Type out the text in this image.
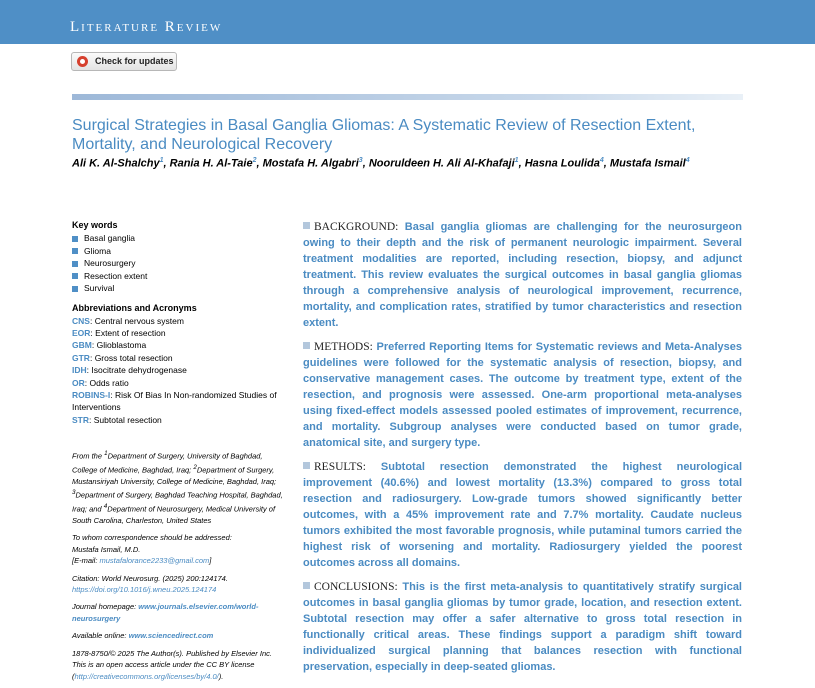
Literature Review
Check for updates
Surgical Strategies in Basal Ganglia Gliomas: A Systematic Review of Resection Extent, Mortality, and Neurological Recovery
Ali K. Al-Shalchy$^1$, Rania H. Al-Taie$^2$, Mostafa H. Algabri$^3$, Nooruldeen H. Ali Al-Khafaji$^1$, Hasna Loulida$^4$, Mustafa Ismail$^4$
Key words
Basal ganglia
Glioma
Neurosurgery
Resection extent
Survival
Abbreviations and Acronyms
CNS: Central nervous system
EOR: Extent of resection
GBM: Glioblastoma
GTR: Gross total resection
IDH: Isocitrate dehydrogenase
OR: Odds ratio
ROBINS-I: Risk Of Bias In Non-randomized Studies of Interventions
STR: Subtotal resection

From the $^1$Department of Surgery, University of Baghdad, College of Medicine, Baghdad, Iraq; $^2$Department of Surgery, Mustansiriyah University, College of Medicine, Baghdad, Iraq; $^3$Department of Surgery, Baghdad Teaching Hospital, Baghdad, Iraq; and $^4$Department of Neurosurgery, Medical University of South Carolina, Charleston, United States

To whom correspondence should be addressed:
Mustafa Ismail, M.D.
[E-mail: mustafalorance2233@gmail.com]

Citation: World Neurosurg. (2025) 200:124174.
https://doi.org/10.1016/j.wneu.2025.124174

Journal homepage: www.journals.elsevier.com/world-neurosurgery

Available online: www.sciencedirect.com

1878-8750/© 2025 The Author(s). Published by Elsevier Inc. This is an open access article under the CC BY license (http://creativecommons.org/licenses/by/4.0/).

BACKGROUND: Basal ganglia gliomas are challenging for the neurosurgeon owing to their depth and the risk of permanent neurologic impairment. Several treatment modalities are reported, including resection, biopsy, and adjunct treatment. This review evaluates the surgical outcomes in basal ganglia gliomas through a comprehensive analysis of neurological improvement, recurrence, mortality, and complication rates, stratified by tumor characteristics and resection extent.

METHODS: Preferred Reporting Items for Systematic reviews and Meta-Analyses guidelines were followed for the systematic analysis of resection, biopsy, and conservative management cases. The outcome by treatment type, extent of the resection, and prognosis were assessed. One-arm proportional meta-analyses using fixed-effect models assessed pooled estimates of improvement, recurrence, and mortality. Subgroup analyses were conducted based on tumor grade, anatomical site, and surgery type.

RESULTS: Subtotal resection demonstrated the highest neurological improvement (40.6%) and lowest mortality (13.3%) compared to gross total resection and radiosurgery. Low-grade tumors showed significantly better outcomes, with a 45% improvement rate and 7.7% mortality. Caudate nucleus tumors exhibited the most favorable prognosis, while putaminal tumors carried the highest risk of worsening and mortality. Radiosurgery yielded the poorest outcomes across all domains.

CONCLUSIONS: This is the first meta-analysis to quantitatively stratify surgical outcomes in basal ganglia gliomas by tumor grade, location, and resection extent. Subtotal resection may offer a safer alternative to gross total resection in functionally critical areas. These findings support a paradigm shift toward individualized surgical planning that balances resection with functional preservation, especially in deep-seated gliomas.
